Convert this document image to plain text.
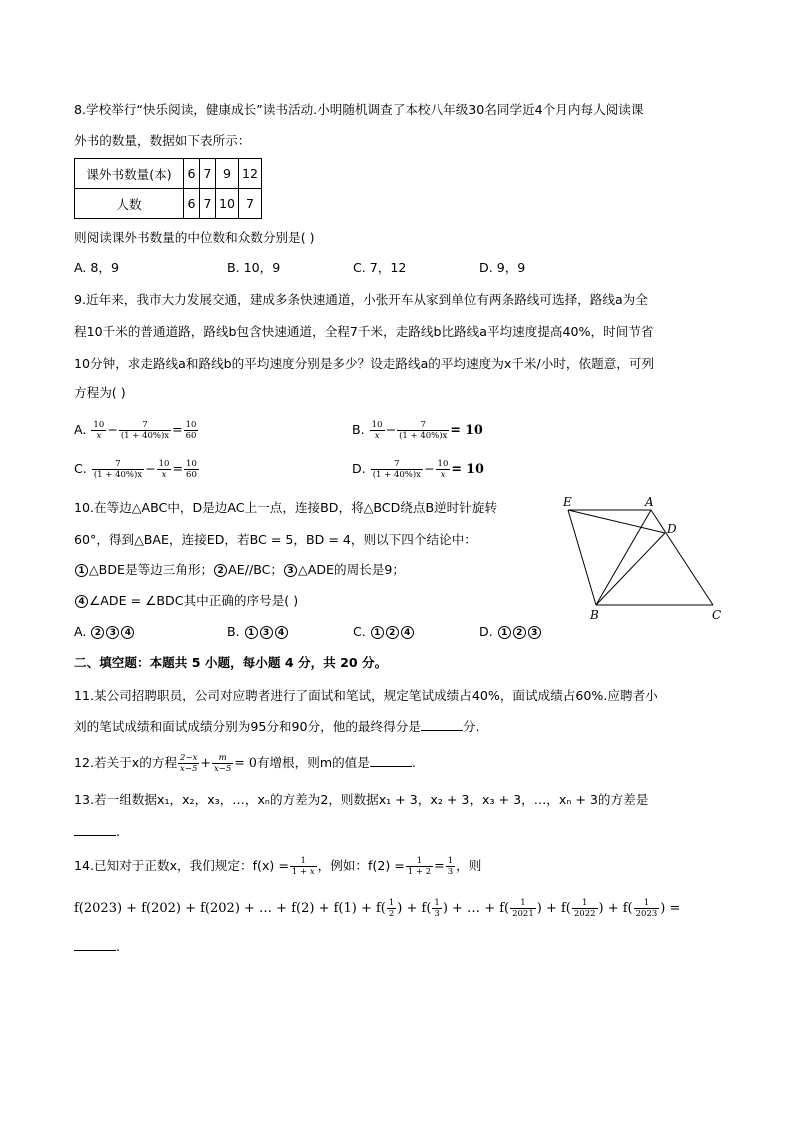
8.学校举行“快乐阅读，健康成长”读书活动.小明随机调查了本校八年级30名同学近4个月内每人阅读课
外书的数量，数据如下表所示：
课外书数量(本)	6	7	9	12
人数	6	7	10	7
则阅读课外书数量的中位数和众数分别是( )
A. 8，9	B. 10，9	C. 7，12	D. 9，9
9.近年来，我市大力发展交通，建成多条快速通道，小张开车从家到单位有两条路线可选择，路线a为全
程10千米的普通道路，路线b包含快速通道，全程7千米，走路线b比路线a平均速度提高40%，时间节省
10分钟，求走路线a和路线b的平均速度分别是多少？设走路线a的平均速度为x千米/小时，依题意，可列
方程为( )
A. $\frac{10}{x} - \frac{7}{(1 + 40\%)x} = \frac{10}{60}$	B. $\frac{10}{x} - \frac{7}{(1 + 40\%)x} = 10$
C. $\frac{7}{(1 + 40\%)x} - \frac{10}{x} = \frac{10}{60}$	D. $\frac{7}{(1 + 40\%)x} - \frac{10}{x} = 10$
10.在等边△ABC中，D是边AC上一点，连接BD，将△BCD绕点B逆时针旋转
60°，得到△BAE，连接ED，若BC = 5，BD = 4，则以下四个结论中：
1 △BDE是等边三角形； 2 AE//BC； 3 △ADE的周长是9；
4 ∠ADE = ∠BDC其中正确的序号是( )
A. 2 3 4	B. 1 3 4	C. 1 2 4	D. 1 2 3
E	A
D
B	C
二、填空题：本题共 5 小题，每小题 4 分，共 20 分。
11.某公司招聘职员，公司对应聘者进行了面试和笔试，规定笔试成绩占40%，面试成绩占60%.应聘者小
刘的笔试成绩和面试成绩分别为95分和90分，他的最终得分是	分.
12.若关于x的方程 $\frac{2-x}{x-5} + \frac{m}{x-5} = 0$有增根，则m的值是	.
13.若一组数据x₁，x₂，x₃，…，xₙ的方差为2，则数据x₁ + 3，x₂ + 3，x₃ + 3，…，xₙ + 3的方差是
.
14.已知对于正数x，我们规定：$f(x) = \frac{1}{1 + x}$ ，例如：$f(2) = \frac{1}{1 + 2} = \frac{1}{3}$ ，则
f(2023) + f(202) + f(202) + … + $f(2) + f(1) + f( \frac{1}{2}$ ) + $f( \frac{1}{3}$ ) + … + $f( \frac{1}{2021}$ ) + $f( \frac{1}{2022}$ ) + $f( \frac{1}{2023}$ ) =
.
